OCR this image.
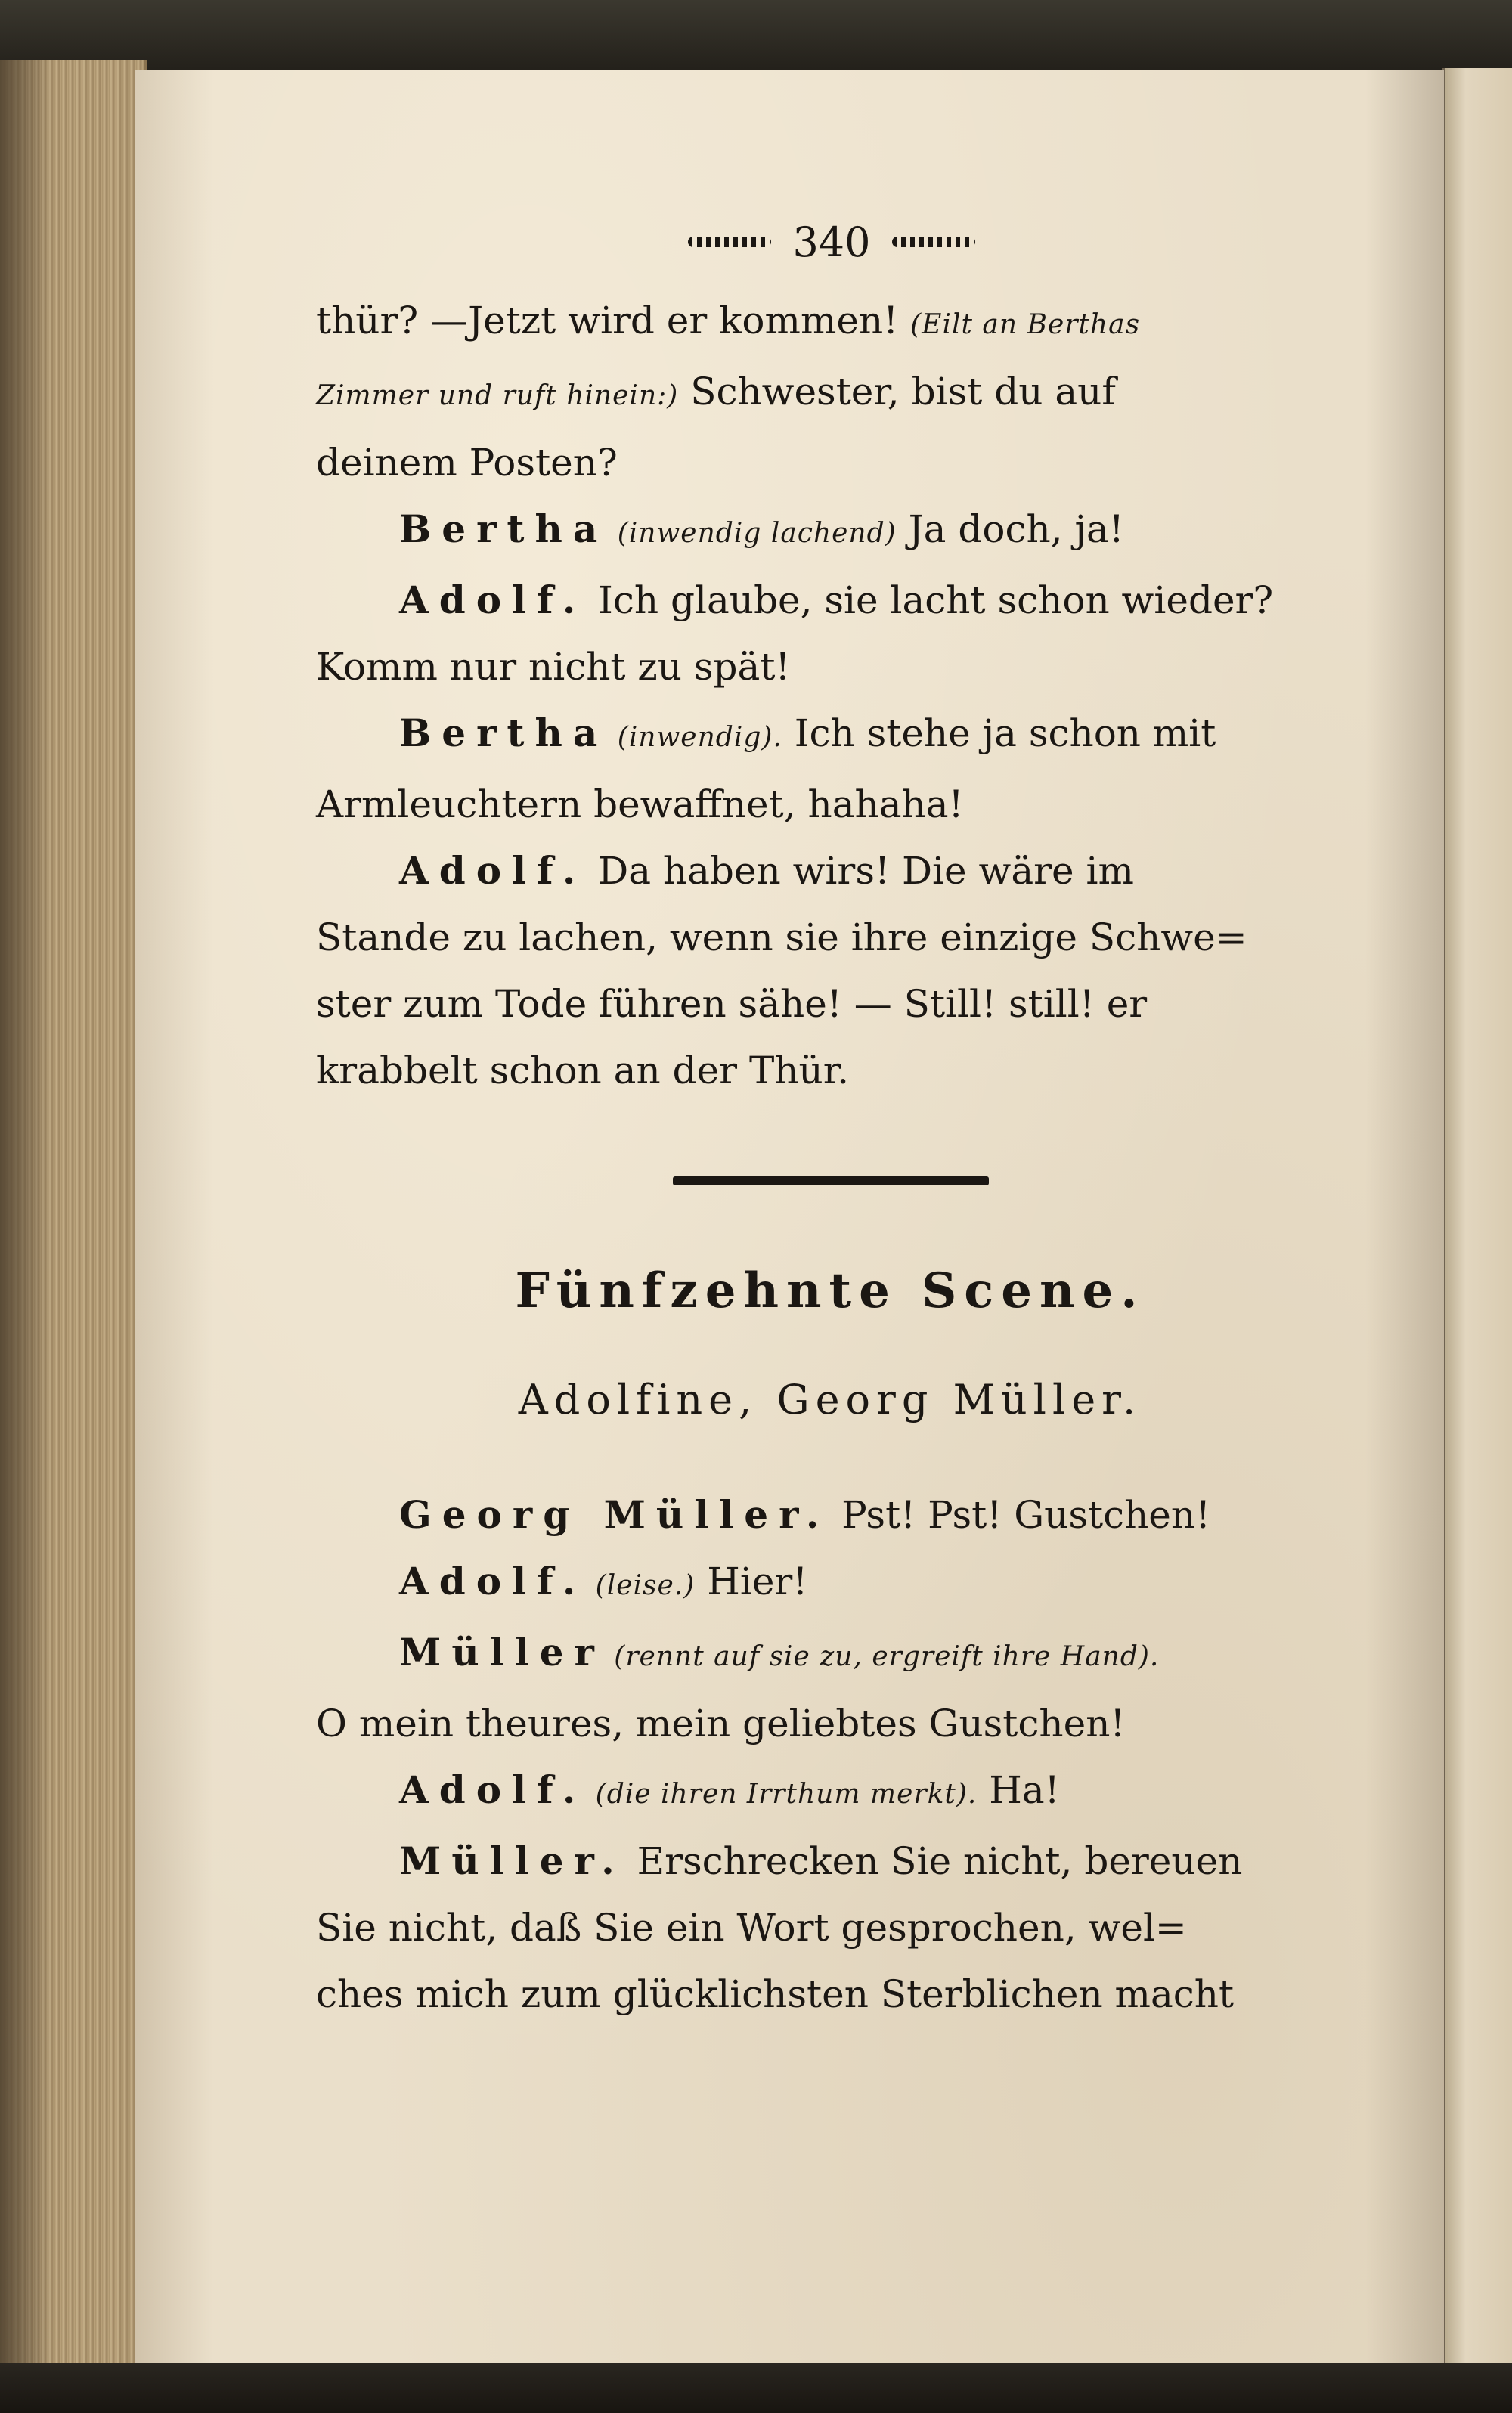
340

thür? —Jetzt wird er kommen! (Eilt an Berthas

Zimmer und ruft hinein:) Schwester, bist du auf

deinem Posten?

Bertha (inwendig lachend) Ja doch, ja!

Adolf. Ich glaube, sie lacht schon wieder?

Komm nur nicht zu spät!

Bertha (inwendig). Ich stehe ja schon mit

Armleuchtern bewaffnet, hahaha!

Adolf. Da haben wirs! Die wäre im

Stande zu lachen, wenn sie ihre einzige Schwe=

ster zum Tode führen sähe! — Still! still! er

krabbelt schon an der Thür.

Fünfzehnte Scene.
Adolfine, Georg Müller.

Georg Müller. Pst! Pst! Gustchen!

Adolf. (leise.) Hier!

Müller (rennt auf sie zu, ergreift ihre Hand).

O mein theures, mein geliebtes Gustchen!

Adolf. (die ihren Irrthum merkt). Ha!

Müller. Erschrecken Sie nicht, bereuen

Sie nicht, daß Sie ein Wort gesprochen, wel=

ches mich zum glücklichsten Sterblichen macht
